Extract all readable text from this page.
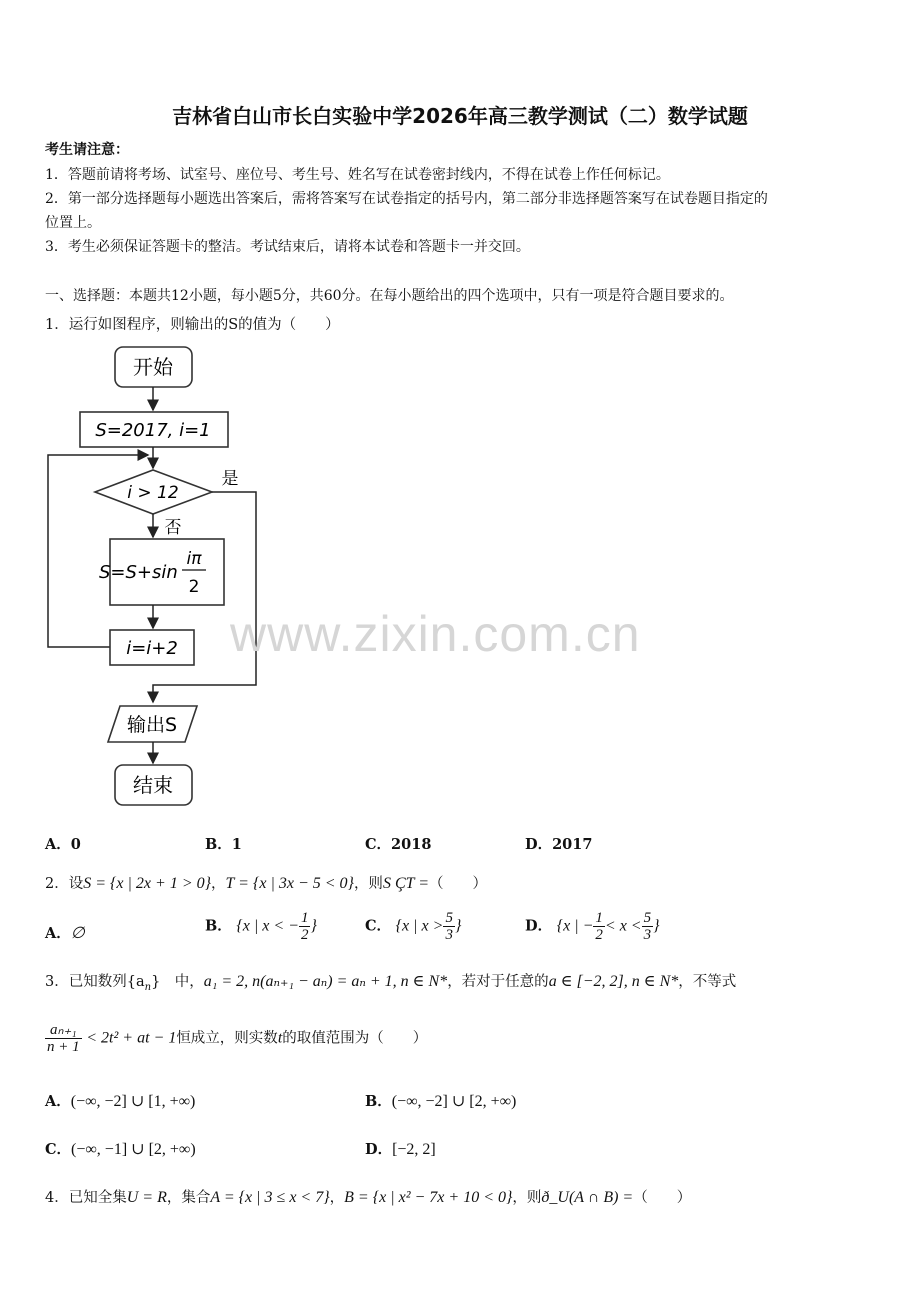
吉林省白山市长白实验中学2026年高三教学测试（二）数学试题
考生请注意：
1．答题前请将考场、试室号、座位号、考生号、姓名写在试卷密封线内，不得在试卷上作任何标记。
2．第一部分选择题每小题选出答案后，需将答案写在试卷指定的括号内，第二部分非选择题答案写在试卷题目指定的
位置上。
3．考生必须保证答题卡的整洁。考试结束后，请将本试卷和答题卡一并交回。
一、选择题：本题共12小题，每小题5分，共60分。在每小题给出的四个选项中，只有一项是符合题目要求的。
1．运行如图程序，则输出的S的值为（　　）
开始
S=2017, i=1
i > 12
是
否
S=S+sin
iπ
2
i=i+2
输出S
结束
www.zixin.com.cn
A．0	B．1	C．2018	D．2017
2．设S = {x | 2x + 1 > 0}，T = {x | 3x − 5 < 0}，则S ÇT =（　　）
A．∅	B． {x | x < − $\frac{1}{2}$ }	C． {x | $x > \frac{5}{3}$ }	D． {x | − $\frac{1}{2} < x < \frac{5}{3}$ }
3．已知数列$\{a_n\}$　中，a₁ = 2, n(aₙ₊₁ − aₙ) = aₙ + 1, n ∈ N*，若对于任意的a ∈ [−2, 2], n ∈ N*，不等式
$\frac{\text{aₙ₊₁}}{n + 1} < 2t^2$ + at − 1恒成立，则实数t的取值范围为（　　）
A．(−∞, −2] ∪ [1, +∞)	B．(−∞, −2] ∪ [2, +∞)
C．(−∞, −1] ∪ [2, +∞)	D．[−2, 2]
4．已知全集U = R，集合A = {x | 3 ≤ x < 7}，B = {x | x² − 7x + 10 < 0}，则ð_U(A ∩ B) =（　　）
